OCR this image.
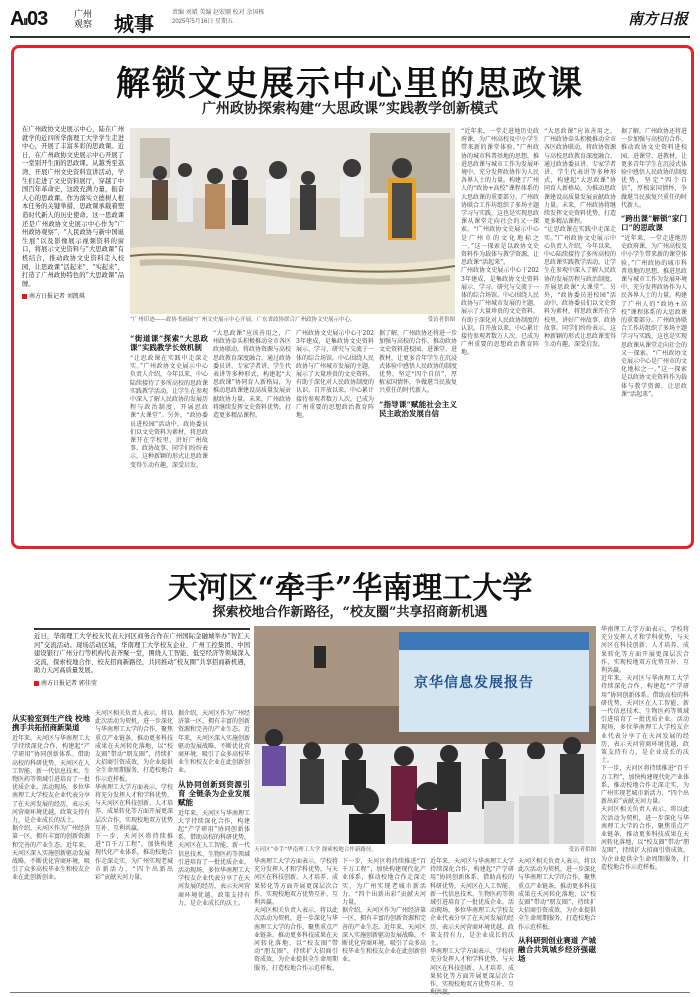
AII03	广州
观察 城事
责编 刘斌 美编 赵宏顺 校对 余国栋
2025年5月16日 星期五	南方日报
解锁文史展示中心里的思政课
广州政协探索构建“大思政课”实践教学创新模式
在广州政协文史展示中心，陆在广州就学的近四所华南理工大学学生走进中心，开展了丰富多彩的思政课。近日，在广州政协文史展示中心开展了一堂别开生面的思政课。从越秀至荔湾、开展广州文史资料宣讲活动，学生们走进了文史资料展厅，穿越了中国百年革命史，这段充满力量，振奋人心的思政课。作为落实立德树人根本任务的关键举措，思政课承载着塑造时代新人的历史使命。这一思政课还是广州政协文史展示中心作为“广州政协观察”、“人民政协与新中国诞生展”以及影像展示视频资料的窗口，将展示文史资料与“大思政课”有机结合，推动政协文史资料走入校园，让思政课“活起来”、“实起来”，打造了广州政协特色的“大思政课”品牌。
南方日报记者 刘凯琪
“广州印迹——政协书画展”广州文史展示中心开展，广东省政协联合广州政协文史展示中心。	受访者供图
“近年来，一堂走进地历史政府课，为广州高校及中小学生带来新的课堂体验。”广州政协的城市科普基地的思想，推进思政课与城市工作为发展环境中，充分发挥政协作为人民各界人士的力量。构建了广州人的“政协+高校”课程体系的大思政课的重要部分。广州政协联合工作坊组织了多场主题学习与实践，这也是实现思政课从课堂走向社会的又一探索。“广州政协文史展示中心是广州市的文化地标之一。”这一探索是以政协文史资料作为载体与教学资源，让思政课“活起来”。
广州政协文史展示中心于2023年建成，是集政协文史资料展示、学习、研究与交流于一体的综合场馆。中心围绕人民政协与广州城市发展的主题，展示了大量珍贵的文史资料，有助于深化对人民政协制度的认识。自开放以来，中心累计接待参观者数万人次，已成为广州重要的思想政治教育阵地。
“街道课”探索“大思政课”实践教学长效机制
“让思政课在实践中走深走实。”广州政协文史展示中心负责人介绍，今年以来，中心陆续接待了多所高校的思政课实践教学活动，让学生在参观中深入了解人民政协的发展历程与政治制度，开展思政课“大课堂”。另外，“政协委员进校园”活动中，政协委员们以文史资料为素材，将思政课开在学校里，讲好广州故事、政协故事。同学们纷纷表示，这种新颖的形式让思政课变得生动有趣，深受启发。
“大思政课”应该善用之，广州政协牵头积极推动全市各区政协联动，将政协资源与高校思政教育深度融合。通过政协委员讲、专家学者讲、学生代表讲等多种形式，构建起“大思政课”协同育人新格局，为推动思政课建设高质量发展贡献政协力量。未来，广州政协将继续发挥文史资料优势，打造更多精品课程。
广州政协文史展示中心于2023年建成，是集政协文史资料展示、学习、研究与交流于一体的综合场馆。中心围绕人民政协与广州城市发展的主题，展示了大量珍贵的文史资料，有助于深化对人民政协制度的认识。自开放以来，中心累计接待参观者数万人次，已成为广州重要的思想政治教育阵地。
据了解，广州政协还将进一步加强与高校的合作，推动政协文史资料进校园、进课堂、进教材，让更多青年学生在沉浸式体验中感悟人民政协的制度优势，坚定“四个自信”，厚植家国情怀，争做堪当民族复兴重任的时代新人。
“指导课”赋能社会主义民主政治发展自信
“大思政课”应该善用之，广州政协牵头积极推动全市各区政协联动，将政协资源与高校思政教育深度融合。通过政协委员讲、专家学者讲、学生代表讲等多种形式，构建起“大思政课”协同育人新格局，为推动思政课建设高质量发展贡献政协力量。未来，广州政协将继续发挥文史资料优势，打造更多精品课程。
“让思政课在实践中走深走实。”广州政协文史展示中心负责人介绍，今年以来，中心陆续接待了多所高校的思政课实践教学活动，让学生在参观中深入了解人民政协的发展历程与政治制度，开展思政课“大课堂”。另外，“政协委员进校园”活动中，政协委员们以文史资料为素材，将思政课开在学校里，讲好广州故事、政协故事。同学们纷纷表示，这种新颖的形式让思政课变得生动有趣，深受启发。
据了解，广州政协还将进一步加强与高校的合作，推动政协文史资料进校园、进课堂、进教材，让更多青年学生在沉浸式体验中感悟人民政协的制度优势，坚定“四个自信”，厚植家国情怀，争做堪当民族复兴重任的时代新人。
“跨出课”解锁“家门口”的思政课
“近年来，一堂走进地历史政府课，为广州高校及中小学生带来新的课堂体验。”广州政协的城市科普基地的思想，推进思政课与城市工作为发展环境中，充分发挥政协作为人民各界人士的力量。构建了广州人的“政协+高校”课程体系的大思政课的重要部分。广州政协联合工作坊组织了多场主题学习与实践，这也是实现思政课从课堂走向社会的又一探索。“广州政协文史展示中心是广州市的文化地标之一。”这一探索是以政协文史资料作为载体与教学资源，让思政课“活起来”。
天河区“牵手”华南理工大学
探索校地合作新路径，“校友圈”共享招商新机遇
近日，华南理工大学校友代表天河区商务合作在广州国际金融城举办“智汇天河”交流活动。现场活动区域，华南理工大学校友企业、广州工控集团、中国建设银行广州分行等机构代表齐聚一堂，围绕人工智能、低空经济等领域深入交流，探索校地合作、校友招商新路径，共同推动“校友圈”共享招商新机遇，助力天河高质量发展。
南方日报记者 郭佳莹	京华信息发展报告
天河区“牵手”华南理工大学 探索校地合作新路径。	受访者供图
从实验室到生产线 校地携手共拓招商新渠道
近年来，天河区与华南理工大学持续深化合作，构建起“产学研用”协同创新体系。借助高校的科研优势，天河区在人工智能、新一代信息技术、生物医药等领域引进培育了一批优质企业。活动现场，多位华南理工大学校友企业代表分享了在天河发展的经历，表示天河营商环境优越，政策支持有力，是企业成长的沃土。
据介绍，天河区作为广州经济第一区，拥有丰富的创新资源和完善的产业生态。近年来，天河区深入实施创新驱动发展战略，不断优化营商环境，吸引了众多高校毕业生和校友企业在此创新创业。
天河区相关负责人表示，将以此次活动为契机，进一步深化与华南理工大学的合作，聚焦重点产业链条，推动更多科技成果在天河转化落地，以“校友圈”带动“朋友圈”，持续扩大招商引资成效，为企业提供全生命周期服务，打造校地合作示范样板。
华南理工大学方面表示，学校将充分发挥人才和学科优势，与天河区在科技创新、人才培养、成果转化等方面开展更深层次合作，实现校地双方优势互补、互利共赢。
下一步，天河区将持续推进“百千万工程”，加快构建现代化产业体系，推动校地合作走深走实，为广州实现老城市新活力、“四个出新出彩”贡献天河力量。
据介绍，天河区作为广州经济第一区，拥有丰富的创新资源和完善的产业生态。近年来，天河区深入实施创新驱动发展战略，不断优化营商环境，吸引了众多高校毕业生和校友企业在此创新创业。
从协同创新到资源引育 全链条为企业发展赋能
近年来，天河区与华南理工大学持续深化合作，构建起“产学研用”协同创新体系。借助高校的科研优势，天河区在人工智能、新一代信息技术、生物医药等领域引进培育了一批优质企业。活动现场，多位华南理工大学校友企业代表分享了在天河发展的经历，表示天河营商环境优越，政策支持有力，是企业成长的沃土。
华南理工大学方面表示，学校将充分发挥人才和学科优势，与天河区在科技创新、人才培养、成果转化等方面开展更深层次合作，实现校地双方优势互补、互利共赢。
天河区相关负责人表示，将以此次活动为契机，进一步深化与华南理工大学的合作，聚焦重点产业链条，推动更多科技成果在天河转化落地，以“校友圈”带动“朋友圈”，持续扩大招商引资成效，为企业提供全生命周期服务，打造校地合作示范样板。
下一步，天河区将持续推进“百千万工程”，加快构建现代化产业体系，推动校地合作走深走实，为广州实现老城市新活力、“四个出新出彩”贡献天河力量。
据介绍，天河区作为广州经济第一区，拥有丰富的创新资源和完善的产业生态。近年来，天河区深入实施创新驱动发展战略，不断优化营商环境，吸引了众多高校毕业生和校友企业在此创新创业。
近年来，天河区与华南理工大学持续深化合作，构建起“产学研用”协同创新体系。借助高校的科研优势，天河区在人工智能、新一代信息技术、生物医药等领域引进培育了一批优质企业。活动现场，多位华南理工大学校友企业代表分享了在天河发展的经历，表示天河营商环境优越，政策支持有力，是企业成长的沃土。
华南理工大学方面表示，学校将充分发挥人才和学科优势，与天河区在科技创新、人才培养、成果转化等方面开展更深层次合作，实现校地双方优势互补、互
天河区相关负责人表示，将以此次活动为契机，进一步深化与华南理工大学的合作，聚焦重点产业链条，推动更多科技成果在天河转化落地，以“校友圈”带动“朋友圈”，持续扩大招商引资成效，为企业提供全生命周期服务，打造校地合作示范样板。
从科研到创业赛道 产城融合共筑城乡经济强磁场
华南理工大学方面表示，学校将充分发挥人才和学科优势，与天河区在科技创新、人才培养、成果转化等方面开展更深层次合作，实现校地双方优势互补、互利共赢。
近年来，天河区与华南理工大学持续深化合作，构建起“产学研用”协同创新体系。借助高校的科研优势，天河区在人工智能、新一代信息技术、生物医药等领域引进培育了一批优质企业。活动现场，多位华南理工大学校友企业代表分享了在天河发展的经历，表示天河营商环境优越，政策支持有力，是企业成长的沃土。
下一步，天河区将持续推进“百千万工程”，加快构建现代化产业体系，推动校地合作走深走实，为广州实现老城市新活力、“四个出新出彩”贡献天河力量。
天河区相关负责人表示，将以此次活动为契机，进一步深化与华南理工大学的合作，聚焦重点产业链条，推动更多科技成果在天河转化落地，以“校友圈”带动“朋友圈”，持续扩大招商引资成效，为企业提供全生命周期服务，打造校地合作示范样板。
